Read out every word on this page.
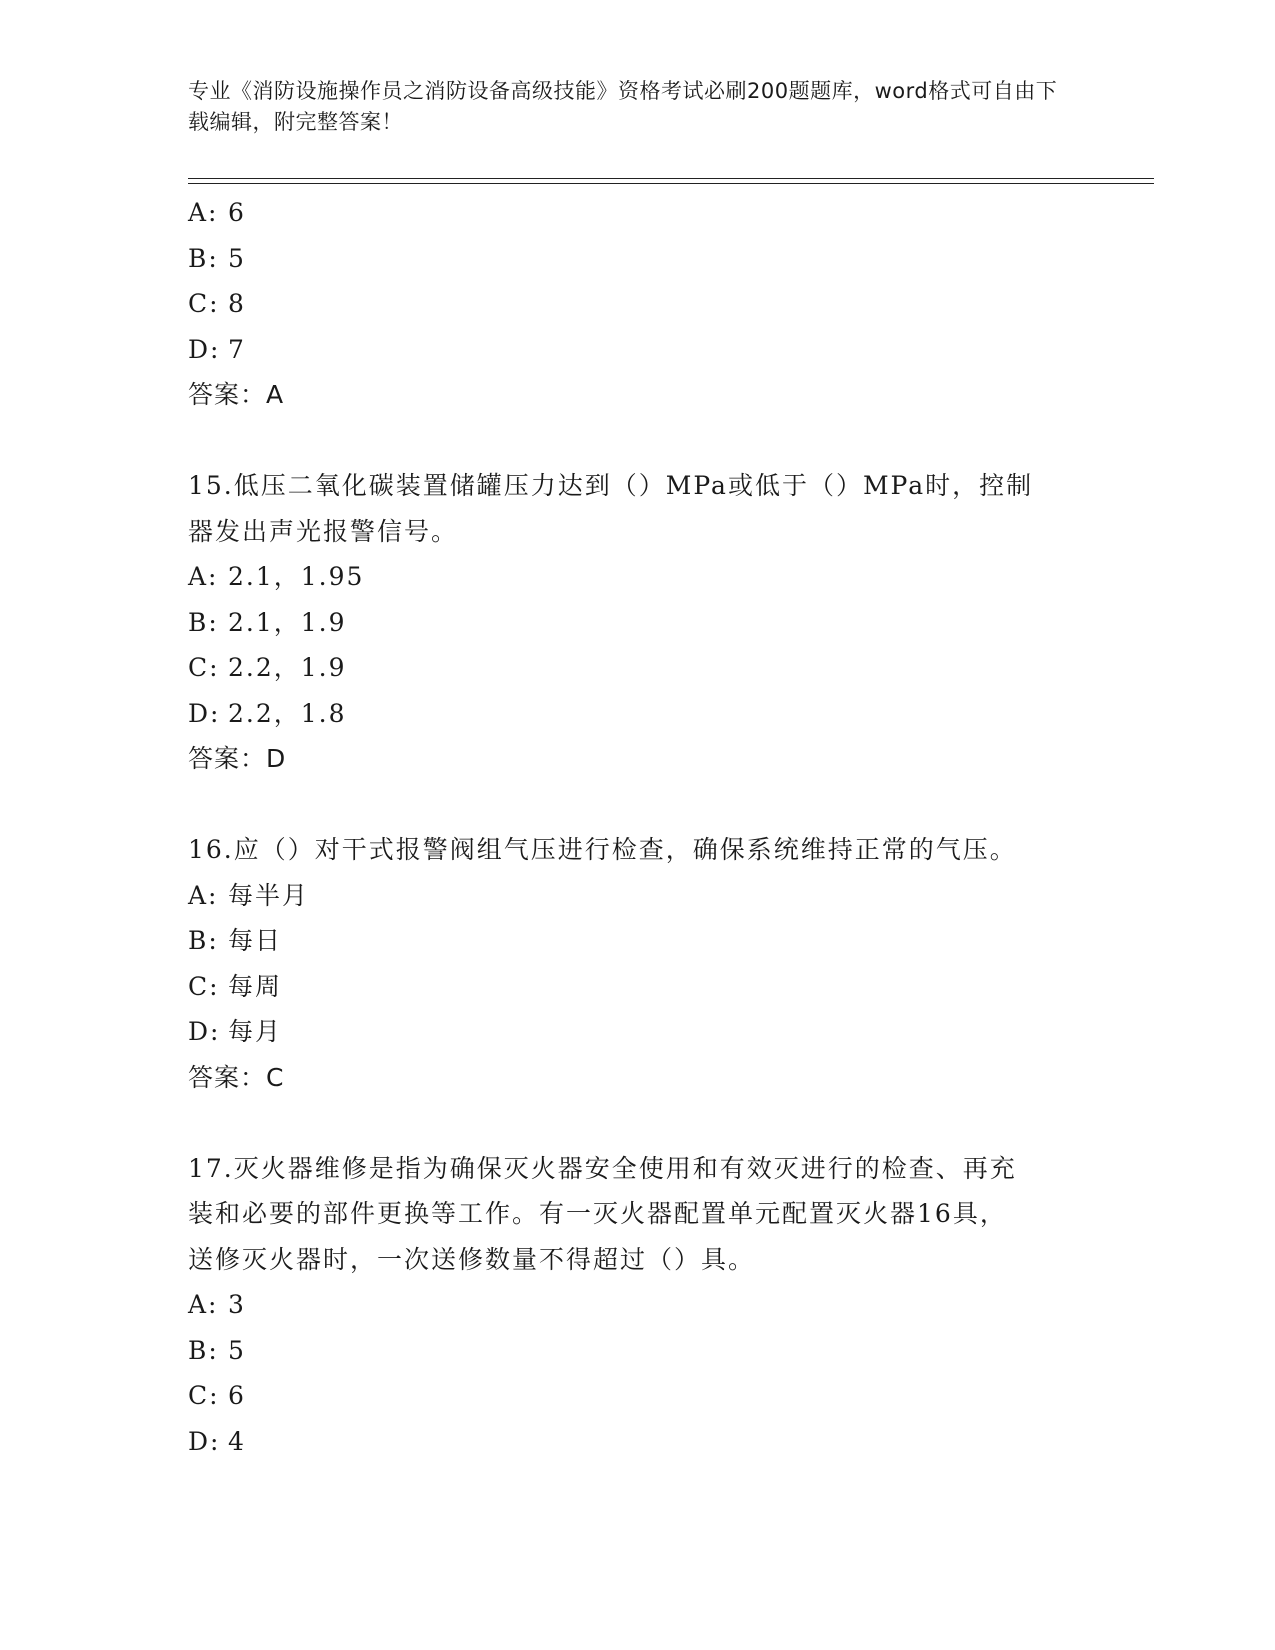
专业《消防设施操作员之消防设备高级技能》资格考试必刷200题题库，word格式可自由下载编辑，附完整答案！
A: 6
B: 5
C: 8
D: 7
答案：A
15.低压二氧化碳装置储罐压力达到（）MPa或低于（）MPa时，控制
器发出声光报警信号。
A: 2.1，1.95
B: 2.1，1.9
C: 2.2，1.9
D: 2.2，1.8
答案：D
16.应（）对干式报警阀组气压进行检查，确保系统维持正常的气压。
A: 每半月
B: 每日
C: 每周
D: 每月
答案：C
17.灭火器维修是指为确保灭火器安全使用和有效灭进行的检查、再充
装和必要的部件更换等工作。有一灭火器配置单元配置灭火器16具，
送修灭火器时，一次送修数量不得超过（）具。
A: 3
B: 5
C: 6
D: 4
